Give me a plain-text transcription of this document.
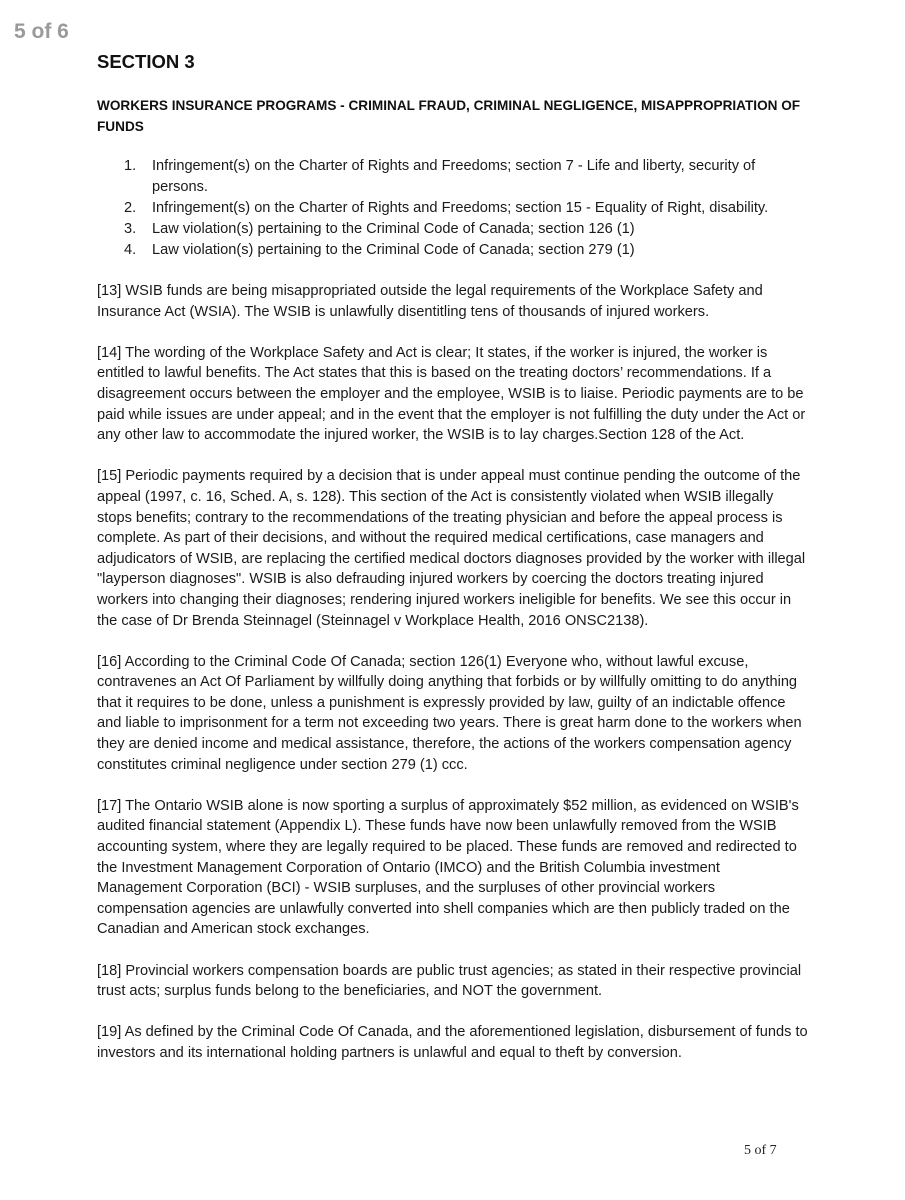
5 of 6
SECTION 3
WORKERS INSURANCE PROGRAMS - CRIMINAL FRAUD, CRIMINAL NEGLIGENCE, MISAPPROPRIATION OF FUNDS
1. Infringement(s) on the Charter of Rights and Freedoms; section 7 - Life and liberty, security of persons.
2. Infringement(s) on the Charter of Rights and Freedoms; section 15 - Equality of Right, disability.
3. Law violation(s) pertaining to the Criminal Code of Canada; section 126 (1)
4. Law violation(s) pertaining to the Criminal Code of Canada; section 279 (1)

[13] WSIB funds are being misappropriated outside the legal requirements of the Workplace Safety and Insurance Act (WSIA). The WSIB is unlawfully disentitling tens of thousands of injured workers.

[14] The wording of the Workplace Safety and Act is clear; It states, if the worker is injured, the worker is entitled to lawful benefits. The Act states that this is based on the treating doctors’ recommendations. If a disagreement occurs between the employer and the employee, WSIB is to liaise. Periodic payments are to be paid while issues are under appeal; and in the event that the employer is not fulfilling the duty under the Act or any other law to accommodate the injured worker, the WSIB is to lay charges.Section 128 of the Act.

[15] Periodic payments required by a decision that is under appeal must continue pending the outcome of the appeal (1997, c. 16, Sched. A, s. 128). This section of the Act is consistently violated when WSIB illegally stops benefits; contrary to the recommendations of the treating physician and before the appeal process is complete. As part of their decisions, and without the required medical certifications, case managers and adjudicators of WSIB, are replacing the certified medical doctors diagnoses provided by the worker with illegal "layperson diagnoses". WSIB is also defrauding injured workers by coercing the doctors treating injured workers into changing their diagnoses; rendering injured workers ineligible for benefits. We see this occur in the case of Dr Brenda Steinnagel (Steinnagel v Workplace Health, 2016 ONSC2138).

[16] According to the Criminal Code Of Canada; section 126(1) Everyone who, without lawful excuse, contravenes an Act Of Parliament by willfully doing anything that forbids or by willfully omitting to do anything that it requires to be done, unless a punishment is expressly provided by law, guilty of an indictable offence and liable to imprisonment for a term not exceeding two years. There is great harm done to the workers when they are denied income and medical assistance, therefore, the actions of the workers compensation agency constitutes criminal negligence under section 279 (1) ccc.

[17] The Ontario WSIB alone is now sporting a surplus of approximately $52 million, as evidenced on WSIB's audited financial statement (Appendix L). These funds have now been unlawfully removed from the WSIB accounting system, where they are legally required to be placed. These funds are removed and redirected to the Investment Management Corporation of Ontario (IMCO) and the British Columbia investment Management Corporation (BCI) - WSIB surpluses, and the surpluses of other provincial workers compensation agencies are unlawfully converted into shell companies which are then publicly traded on the Canadian and American stock exchanges.

[18] Provincial workers compensation boards are public trust agencies; as stated in their respective provincial trust acts; surplus funds belong to the beneficiaries, and NOT the government.

[19] As defined by the Criminal Code Of Canada, and the aforementioned legislation, disbursement of funds to investors and its international holding partners is unlawful and equal to theft by conversion.

5 of 7
